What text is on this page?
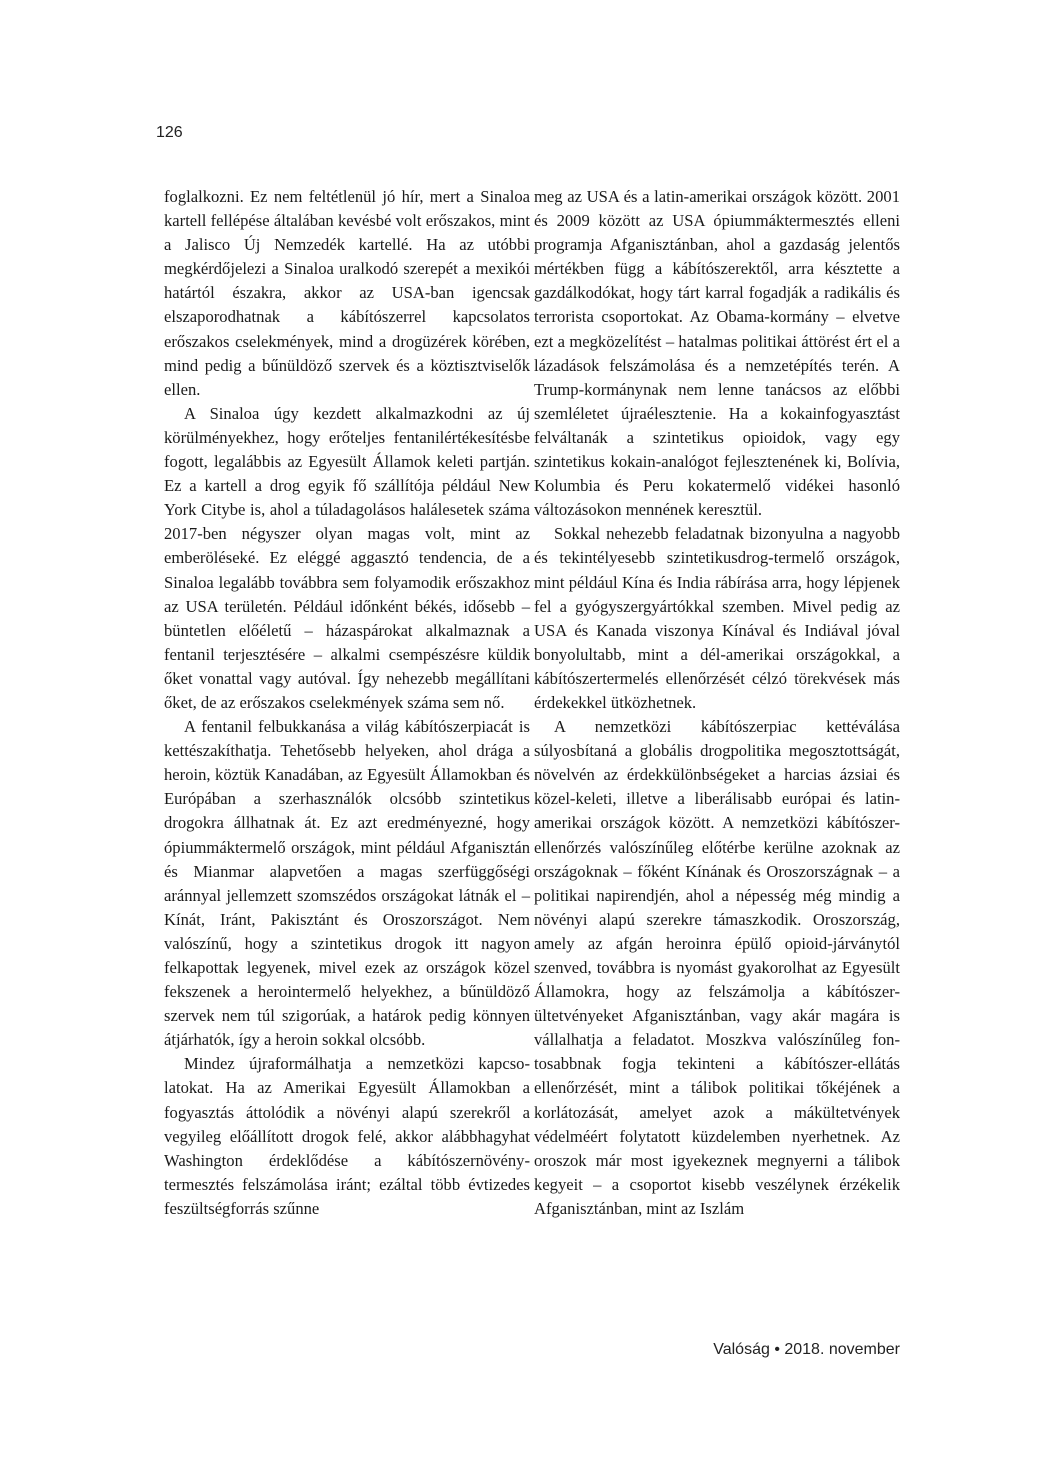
126

foglalkozni. Ez nem feltétlenül jó hír, mert a Sinaloa kartell fellépése általában kevésbé volt erőszakos, mint a Jalisco Új Nemzedék kartellé. Ha az utóbbi megkérdőjelezi a Sinaloa uralkodó szerepét a mexikói határtól északra, akkor az USA-ban igencsak elszaporodhatnak a kábítószerrel kapcsolatos erőszakos cselekmények, mind a drogüzérek körében, mind pedig a bűnüldöző szervek és a köztisztviselők ellen.

A Sinaloa úgy kezdett alkalmazkodni az új körülményekhez, hogy erőteljes fentanilértékesítésbe fogott, legalábbis az Egyesült Államok keleti partján. Ez a kartell a drog egyik fő szállítója például New York Citybe is, ahol a túladagolásos halálesetek száma 2017-ben négyszer olyan magas volt, mint az emberöléseké. Ez eléggé aggasztó tendencia, de a Sinaloa legalább továbbra sem folyamodik erőszakhoz az USA területén. Például időnként békés, idősebb – büntetlen előéletű – házaspárokat alkalmaznak a fentanil terjesztésére – alkalmi csempészésre küldik őket vonattal vagy autóval. Így nehezebb megállítani őket, de az erőszakos cselekmények száma sem nő.

A fentanil felbukkanása a világ kábítószerpiacát is kettészakíthatja. Tehetősebb helyeken, ahol drága a heroin, köztük Kanadában, az Egyesült Államokban és Európában a szerhasználók olcsóbb szintetikus drogokra állhatnak át. Ez azt eredményezné, hogy ópiummáktermelő országok, mint például Afganisztán és Mianmar alapvetően a magas szerfüggőségi aránnyal jellemzett szomszédos országokat látnák el – Kínát, Iránt, Pakisztánt és Oroszországot. Nem valószínű, hogy a szintetikus drogok itt nagyon felkapottak legyenek, mivel ezek az országok közel fekszenek a herointermelő helyekhez, a bűnüldöző szervek nem túl szigorúak, a határok pedig könnyen átjárhatók, így a heroin sokkal olcsóbb.

Mindez újraformálhatja a nemzetközi kapcsolatokat. Ha az Amerikai Egyesült Államokban a fogyasztás áttolódik a növényi alapú szerekről a vegyileg előállított drogok felé, akkor alábbhagyhat Washington érdeklődése a kábítószernövény-termesztés felszámolása iránt; ezáltal több évtizedes feszültségforrás szűnne

meg az USA és a latin-amerikai országok között. 2001 és 2009 között az USA ópiummáktermesztés elleni programja Afganisztánban, ahol a gazdaság jelentős mértékben függ a kábítószerektől, arra késztette a gazdálkodókat, hogy tárt karral fogadják a radikális és terrorista csoportokat. Az Obama-kormány – elvetve ezt a megközelítést – hatalmas politikai áttörést ért el a lázadások felszámolása és a nemzetépítés terén. A Trump-kormánynak nem lenne tanácsos az előbbi szemléletet újraélesztenie. Ha a kokainfogyasztást felváltanák a szintetikus opioidok, vagy egy szintetikus kokain-analógot fejlesztenének ki, Bolívia, Kolumbia és Peru kokatermelő vidékei hasonló változásokon mennének keresztül.

Sokkal nehezebb feladatnak bizonyulna a nagyobb és tekintélyesebb szintetikusdrog-termelő országok, mint például Kína és India rábírása arra, hogy lépjenek fel a gyógyszergyártókkal szemben. Mivel pedig az USA és Kanada viszonya Kínával és Indiával jóval bonyolultabb, mint a dél-amerikai országokkal, a kábítószertermelés ellenőrzését célzó törekvések más érdekekkel ütközhetnek.

A nemzetközi kábítószerpiac kettéválása súlyosbítaná a globális drogpolitika megosztottságát, növelvén az érdekkülönbségeket a harcias ázsiai és közel-keleti, illetve a liberálisabb európai és latin-amerikai országok között. A nemzetközi kábítószer-ellenőrzés valószínűleg előtérbe kerülne azoknak az országoknak – főként Kínának és Oroszországnak – a politikai napirendjén, ahol a népesség még mindig a növényi alapú szerekre támaszkodik. Oroszország, amely az afgán heroinra épülő opioid-járványtól szenved, továbbra is nyomást gyakorolhat az Egyesült Államokra, hogy az felszámolja a kábítószer-ültetvényeket Afganisztánban, vagy akár magára is vállalhatja a feladatot. Moszkva valószínűleg fontosabbnak fogja tekinteni a kábítószer-ellátás ellenőrzését, mint a tálibok politikai tőkéjének a korlátozását, amelyet azok a mákültetvények védelméért folytatott küzdelemben nyerhetnek. Az oroszok már most igyekeznek megnyerni a tálibok kegyeit – a csoportot kisebb veszélynek érzékelik Afganisztánban, mint az Iszlám

Valóság • 2018. november
